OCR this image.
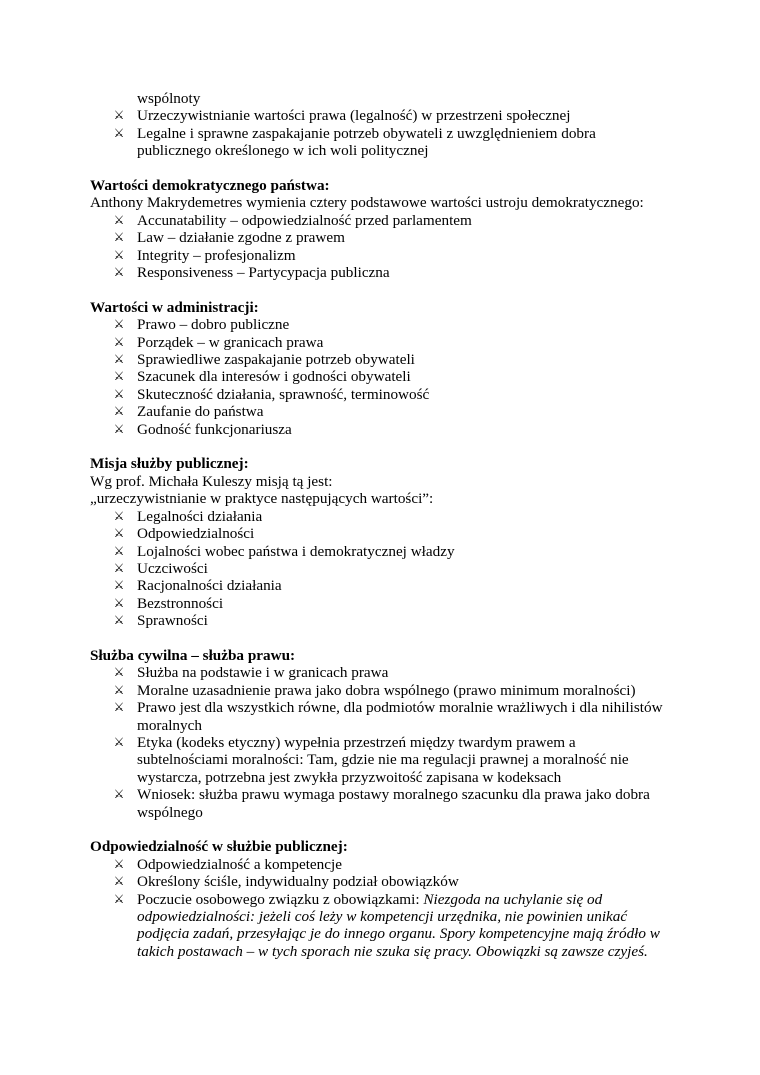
wspólnoty
⚔ Urzeczywistnianie wartości prawa (legalność) w przestrzeni społecznej
⚔ Legalne i sprawne zaspakajanie potrzeb obywateli z uwzględnieniem dobra publicznego określonego w ich woli politycznej
Wartości demokratycznego państwa:
Anthony Makrydemetres wymienia cztery podstawowe wartości ustroju demokratycznego:
⚔ Accunatability – odpowiedzialność przed parlamentem
⚔ Law – działanie zgodne z prawem
⚔ Integrity – profesjonalizm
⚔ Responsiveness – Partycypacja publiczna
Wartości w administracji:
⚔ Prawo – dobro publiczne
⚔ Porządek – w granicach prawa
⚔ Sprawiedliwe zaspakajanie potrzeb obywateli
⚔ Szacunek dla interesów i godności obywateli
⚔ Skuteczność działania, sprawność, terminowość
⚔ Zaufanie do państwa
⚔ Godność funkcjonariusza
Misja służby publicznej:
Wg prof. Michała Kuleszy misją tą jest:
„urzeczywistnianie w praktyce następujących wartości”:
⚔ Legalności działania
⚔ Odpowiedzialności
⚔ Lojalności wobec państwa i demokratycznej władzy
⚔ Uczciwości
⚔ Racjonalności działania
⚔ Bezstronności
⚔ Sprawności
Służba cywilna – służba prawu:
⚔ Służba na podstawie i w granicach prawa
⚔ Moralne uzasadnienie prawa jako dobra wspólnego (prawo minimum moralności)
⚔ Prawo jest dla wszystkich równe, dla podmiotów moralnie wrażliwych i dla nihilistów moralnych
⚔ Etyka (kodeks etyczny) wypełnia przestrzeń między twardym prawem a subtelnościami moralności: Tam, gdzie nie ma regulacji prawnej a moralność nie wystarcza, potrzebna jest zwykła przyzwoitość zapisana w kodeksach
⚔ Wniosek: służba prawu wymaga postawy moralnego szacunku dla prawa jako dobra wspólnego
Odpowiedzialność w służbie publicznej:
⚔ Odpowiedzialność a kompetencje
⚔ Określony ściśle, indywidualny podział obowiązków
⚔ Poczucie osobowego związku z obowiązkami: Niezgoda na uchylanie się od odpowiedzialności: jeżeli coś leży w kompetencji urzędnika, nie powinien unikać podjęcia zadań, przesyłając je do innego organu. Spory kompetencyjne mają źródło w takich postawach – w tych sporach nie szuka się pracy. Obowiązki są zawsze czyjeś.
